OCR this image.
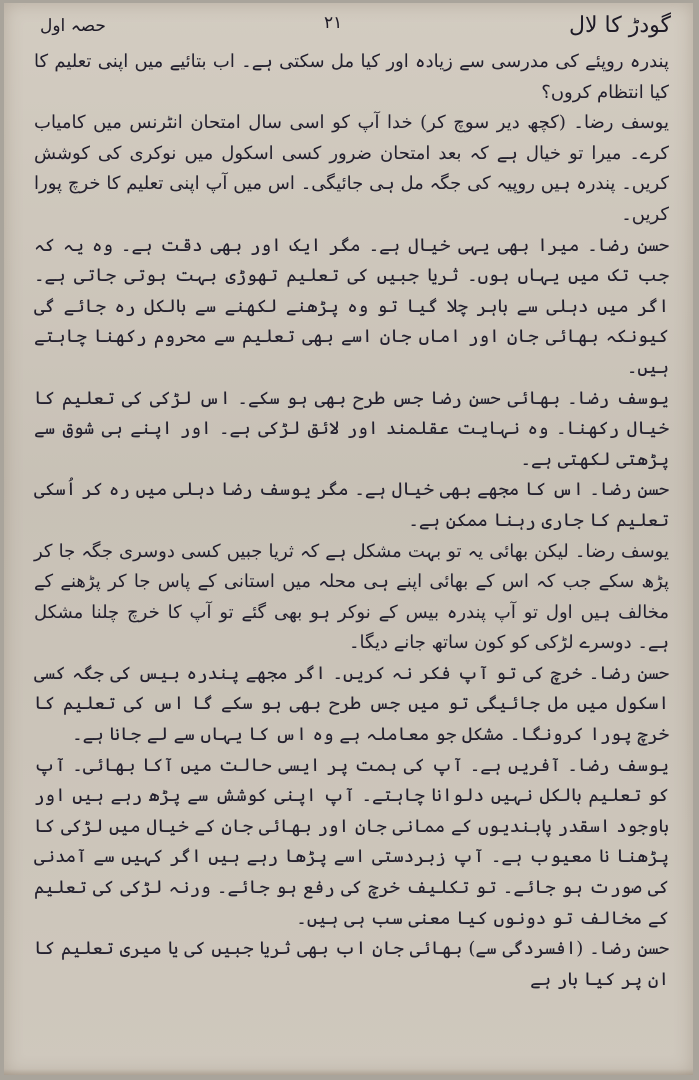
گودڑ کا لال
۲۱
حصہ اول

پندرہ روپئے کی مدرسی سے زیادہ اور کیا مل سکتی ہے۔ اب بتائیے میں اپنی تعلیم کا کیا انتظام کروں؟

یوسف رضا۔ (کچھ دیر سوچ کر) خدا آپ کو اسی سال امتحان انٹرنس میں کامیاب کرے۔ میرا تو خیال ہے کہ بعد امتحان ضرور کسی اسکول میں نوکری کی کوشش کریں۔ پندرہ ہیں روپیہ کی جگہ مل ہی جائیگی۔ اس میں آپ اپنی تعلیم کا خرچ پورا کریں۔

حسن رضا۔ میرا بھی یہی خیال ہے۔ مگر ایک اور بھی دقت ہے۔ وہ یہ کہ جب تک میں یہاں ہوں۔ ثریا جبیں کی تعلیم تھوڑی بہت ہوتی جاتی ہے۔ اگر میں دہلی سے باہر چلا گیا تو وہ پڑھنے لکھنے سے بالکل رہ جائے گی کیونکہ بھائی جان اور اماں جان اسے بھی تعلیم سے محروم رکھنا چاہتے ہیں۔

یوسف رضا۔ بھائی حسن رضا جس طرح بھی ہو سکے۔ اس لڑکی کی تعلیم کا خیال رکھنا۔ وہ نہایت عقلمند اور لائق لڑکی ہے۔ اور اپنے ہی شوق سے پڑھتی لکھتی ہے۔

حسن رضا۔ اس کا مجھے بھی خیال ہے۔ مگر یوسف رضا دہلی میں رہ کر اُسکی تعلیم کا جاری رہنا ممکن ہے۔

یوسف رضا۔ لیکن بھائی یہ تو بہت مشکل ہے کہ ثریا جبیں کسی دوسری جگہ جا کر پڑھ سکے جب کہ اس کے بھائی اپنے ہی محلہ میں استانی کے پاس جا کر پڑھنے کے مخالف ہیں اول تو آپ پندرہ بیس کے نوکر ہو بھی گئے تو آپ کا خرچ چلنا مشکل ہے۔ دوسرے لڑکی کو کون ساتھ جانے دیگا۔

حسن رضا۔ خرچ کی تو آپ فکر نہ کریں۔ اگر مجھے پندرہ بیس کی جگہ کسی اسکول میں مل جائیگی تو میں جس طرح بھی ہو سکے گا اس کی تعلیم کا خرچ پورا کرونگا۔ مشکل جو معاملہ ہے وہ اس کا یہاں سے لے جانا ہے۔

یوسف رضا۔ آفریں ہے۔ آپ کی ہمت پر ایسی حالت میں آکا بھائی۔ آپ کو تعلیم بالکل نہیں دلوانا چاہتے۔ آپ اپنی کوشش سے پڑھ رہے ہیں اور باوجود اسقدر پابندیوں کے ممانی جان اور بھائی جان کے خیال میں لڑکی کا پڑھنا نا معیوب ہے۔ آپ زبردستی اسے پڑھا رہے ہیں اگر کہیں سے آمدنی کی صورت ہو جائے۔ تو تکلیف خرچ کی رفع ہو جائے۔ ورنہ لڑکی کی تعلیم کے مخالف تو دونوں کیا معنی سب ہی ہیں۔

حسن رضا۔ (افسردگی سے) بھائی جان اب بھی ثریا جبیں کی یا میری تعلیم کا ان پر کیا بار ہے
